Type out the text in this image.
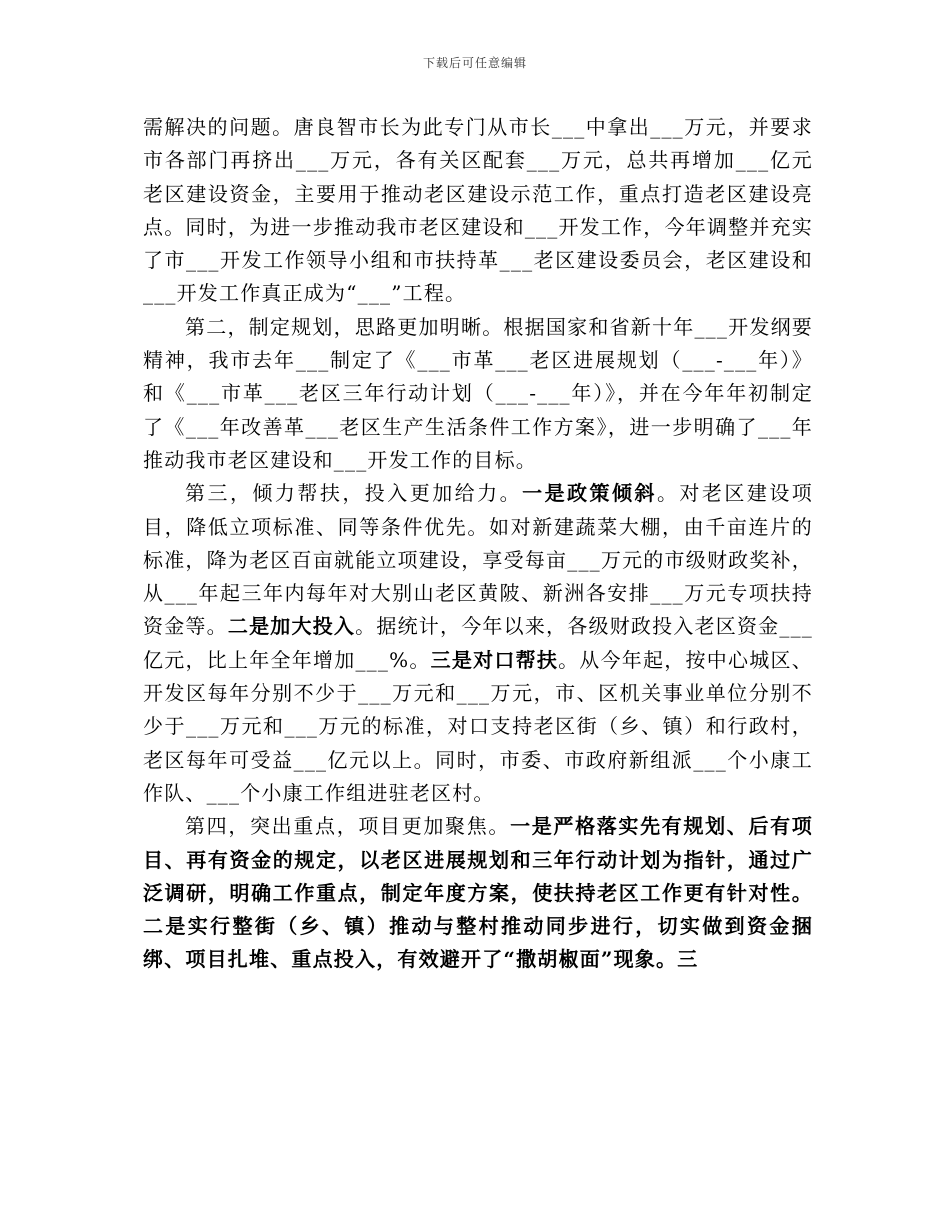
下载后可任意编辑

需解决的问题。唐良智市长为此专门从市长___中拿出___万元，并要求市各部门再挤出___万元，各有关区配套___万元，总共再增加___亿元老区建设资金，主要用于推动老区建设示范工作，重点打造老区建设亮点。同时，为进一步推动我市老区建设和___开发工作，今年调整并充实了市___开发工作领导小组和市扶持革___老区建设委员会，老区建设和___开发工作真正成为“___”工程。

第二，制定规划，思路更加明晰。根据国家和省新十年___开发纲要精神，我市去年___制定了《___市革___老区进展规划（___-___年）》和《___市革___老区三年行动计划（___-___年）》，并在今年年初制定了《___年改善革___老区生产生活条件工作方案》，进一步明确了___年推动我市老区建设和___开发工作的目标。

第三，倾力帮扶，投入更加给力。一是政策倾斜。对老区建设项目，降低立项标准、同等条件优先。如对新建蔬菜大棚，由千亩连片的标准，降为老区百亩就能立项建设，享受每亩___万元的市级财政奖补，从___年起三年内每年对大别山老区黄陂、新洲各安排___万元专项扶持资金等。二是加大投入。据统计，今年以来，各级财政投入老区资金___亿元，比上年全年增加___%。三是对口帮扶。从今年起，按中心城区、开发区每年分别不少于___万元和___万元，市、区机关事业单位分别不少于___万元和___万元的标准，对口支持老区街（乡、镇）和行政村，老区每年可受益___亿元以上。同时，市委、市政府新组派___个小康工作队、___个小康工作组进驻老区村。

第四，突出重点，项目更加聚焦。一是严格落实先有规划、后有项目、再有资金的规定，以老区进展规划和三年行动计划为指针，通过广泛调研，明确工作重点，制定年度方案，使扶持老区工作更有针对性。二是实行整街（乡、镇）推动与整村推动同步进行，切实做到资金捆绑、项目扎堆、重点投入，有效避开了“撒胡椒面”现象。三
